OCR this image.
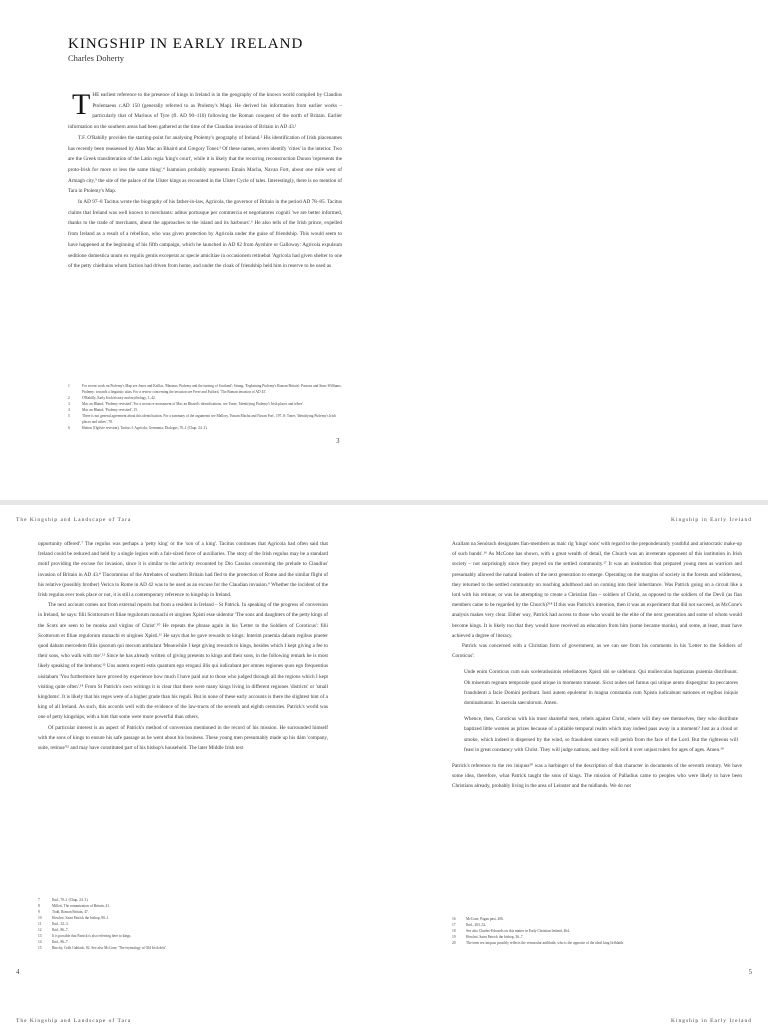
KINGSHIP IN EARLY IRELAND
Charles Doherty

THE earliest reference to the presence of kings in Ireland is in the geography of the known world compiled by Claudius Ptolemaeus c.AD 150 (generally referred to as Ptolemy's Map). He derived his information from earlier works – particularly that of Marinus of Tyre (fl. AD 90–110) following the Roman conquest of the north of Britain. Earlier information on the southern areas had been gathered at the time of the Claudian invasion of Britain in AD 43.¹

T.F. O'Rahilly provides the starting-point for analysing Ptolemy's geography of Ireland.² His identification of Irish placenames has recently been reassessed by Alan Mac an Bhaird and Gregory Toner.³ Of these names, seven identify 'cities' in the interior. Two are the Greek transliteration of the Latin regia 'king's court', while it is likely that the recurring reconstruction Dunon 'represents the proto-Irish for more or less the same thing'.⁴ Isamnion probably represents Emain Macha, Navan Fort, about one mile west of Armagh city,⁵ the site of the palace of the Ulster kings as recounted in the Ulster Cycle of tales. Interestingly, there is no mention of Tara in Ptolemy's Map.

In AD 97–8 Tacitus wrote the biography of his father-in-law, Agricola, the governor of Britain in the period AD 78–85. Tacitus claims that Ireland was well known to merchants: aditus portusque per commercia et negotiatores cogniti 'we are better informed, thanks to the trade of merchants, about the approaches to the island and its harbours'.⁶ He also tells of the Irish prince, expelled from Ireland as a result of a rebellion, who was given protection by Agricola under the guise of friendship. This would seem to have happened at the beginning of his fifth campaign, which he launched in AD 82 from Ayrshire or Galloway: Agricola expulsum seditione domestica unum ex regulis gentis exceperat ac specie amicitiae in occasionem retinebat 'Agricola had given shelter to one of the petty chieftains whom faction had driven from home, and under the cloak of friendship held him in reserve to be used as

1	For recent work on Ptolemy's Map see Jones and Keillar, 'Marinus, Ptolemy and the turning of Scotland'; Strang, 'Explaining Ptolemy's Roman Britain'; Parsons and Sims-Williams, Ptolemy: towards a linguistic atlas. For a review concerning the invasion see Frere and Fulford, 'The Roman invasion of AD 43'.
2	O'Rahilly, Early Irish history and mythology, 1–42.
3	Mac an Bhaird, 'Ptolemy revisited'. For a recent re-assessment of Mac an Bhaird's identifications, see Toner, 'Identifying Ptolemy's Irish places and tribes'.
4	Mac an Bhaird, 'Ptolemy revisited', 15.
5	There is not general agreement about this identification. For a summary of the arguments see Mallory, 'Emain Macha and Navan Fort', 197–8; Toner, 'Identifying Ptolemy's Irish places and tribes', 78.
6	Hutton (Ogilvie revision), Tacitus I: Agricola, Germania, Dialogus, 70–1 (Chap. 24. 2).
3
The Kingship and Landscape of Tara

opportunity offered'.⁷ The regulus was perhaps a 'petty king' or the 'son of a king'. Tacitus continues that Agricola had often said that Ireland could be reduced and held by a single legion with a fair-sized force of auxiliaries. The story of the Irish regulus may be a standard motif providing the excuse for invasion, since it is similar to the activity recounted by Dio Cassius concerning the prelude to Claudius' invasion of Britain in AD 43.⁸ Tincommius of the Atrebates of southern Britain had fled to the protection of Rome and the similar flight of his relative (possibly brother) Verica to Rome in AD 42 was to be used as an excuse for the Claudian invasion.⁹ Whether the incident of the Irish regulus ever took place or not, it is still a contemporary reference to kingship in Ireland.

The next account comes not from external reports but from a resident in Ireland – St Patrick. In speaking of the progress of conversion in Ireland, he says: filii Scottorum et filiae regulorum monachi et uirgines Xpisti esse uidentur 'The sons and daughters of the petty kings of the Scots are seen to be monks and virgins of Christ'.¹⁰ He repeats the phrase again in his 'Letter to the Soldiers of Coroticus': filii Scottorum et filiae regulorum monachi et uirgines Xpisti.¹¹ He says that he gave rewards to kings: Interim praemia dabam regibus praeter quod dabam mercedem filiis ipsorum qui mecum ambulant 'Meanwhile I kept giving rewards to kings, besides which I kept giving a fee to their sons, who walk with me'.¹² Since he has already written of giving presents to kings and their sons, in the following remark he is most likely speaking of the brehons:¹³ Uos autem experti estis quantum ego erogaui illis qui iudicabant per omnes regiones quos ego frequentius uisitabam 'You furthermore have proved by experience how much I have paid out to those who judged through all the regions which I kept visiting quite often'.¹⁴ From St Patrick's own writings it is clear that there were many kings living in different regiones 'districts' or 'small kingdoms'. It is likely that his reges were of a higher grade than his reguli. But in none of these early accounts is there the slightest hint of a king of all Ireland. As such, this accords well with the evidence of the law-tracts of the seventh and eighth centuries. Patrick's world was one of petty kingships, with a hint that some were more powerful than others.

Of particular interest is an aspect of Patrick's method of conversion mentioned in the record of his mission. He surrounded himself with the sons of kings to ensure his safe passage as he went about his business. These young men presumably made up his dám 'company, suite, retinue'¹⁵ and may have constituted part of his bishop's household. The later Middle Irish text

7	Ibid., 70–1 (Chap. 24. 3).
8	Millett, The romanization of Britain, 41.
9	Todd, Roman Britain, 47.
10	Howlett, Saint Patrick the bishop, 80–1.
11	Ibid., 32–3.
12	Ibid., 86–7.
13	It is possible that Patrick is also referring here to kings.
14	Ibid., 86–7.
15	Binchy, Críth Gablach, 82. See also McCone, 'The etymology of Old Irish déis'.
4
The Kingship and Landscape of Tara
Kingship in Early Ireland

Acallam na Senórach designates fían-members as maic ríg 'kings' sons' with regard to the preponderantly youthful and aristocratic make-up of such bands'.¹⁶ As McCone has shown, with a great wealth of detail, the Church was an inveterate opponent of this institution in Irish society – not surprisingly since they preyed on the settled community.¹⁷ It was an institution that prepared young men as warriors and presumably allowed the natural leaders of the next generation to emerge. Operating on the margins of society in the forests and wilderness, they returned to the settled community on reaching adulthood and on coming into their inheritance. Was Patrick going on a circuit like a lord with his retinue; or was he attempting to create a Christian fían – soldiers of Christ, as opposed to the soldiers of the Devil (as fían members came to be regarded by the Church)?¹⁸ If this was Patrick's intention, then it was an experiment that did not succeed, as McCone's analysis makes very clear. Either way, Patrick had access to those who would be the elite of the next generation and some of whom would become kings. It is likely too that they would have received an education from him (some became monks), and some, at least, must have achieved a degree of literacy.

Patrick was concerned with a Christian form of government, as we can see from his comments in his 'Letter to the Soldiers of Coroticus':

Unde enim Coroticus cum suis sceleratissimis rebellatores Xpisti ubi se uidebunt. Qui mulierculas baptizatas praemia distribuunt. Ob miserum regnum temporale quod utique in momento transeat. Sicut nubes uel fumus qui utique uento dispergitur ita peccatores fraudulenti a facie Domini peribunt. Iusti autem epulentur in magna constantia cum Xpisto iudicabunt nationes et regibus iniquis dominabuntur. In saecula saeculorum. Amen.

Whence, then, Coroticus with his most shameful men, rebels against Christ, where will they see themselves, they who distribute baptized little women as prizes because of a pitiable temporal realm which may indeed pass away in a moment? Just as a cloud or smoke, which indeed is dispersed by the wind, so fraudulent sinners will perish from the face of the Lord. But the righteous will feast in great constancy with Christ. They will judge nations, and they will lord it over unjust rulers for ages of ages. Amen.¹⁹

Patrick's reference to the rex iniquus²⁰ was a harbinger of the description of that character in documents of the seventh century. We have some idea, therefore, what Patrick taught the sons of kings. The mission of Palladius came to peoples who were likely to have been Christians already, probably living in the area of Leinster and the midlands. We do not

16	McCone, Pagan past, 206.
17	Ibid., 203–32.
18	See also Charles-Edwards on this matter in Early Christian Ireland, 464.
19	Howlett, Saint Patrick the bishop, 36–7.
20	The term rex iniquus possibly reflects the vernacular anfhlaith, who is the opposite of the ideal king fírfhlaith.
5
Kingship in Early Ireland
